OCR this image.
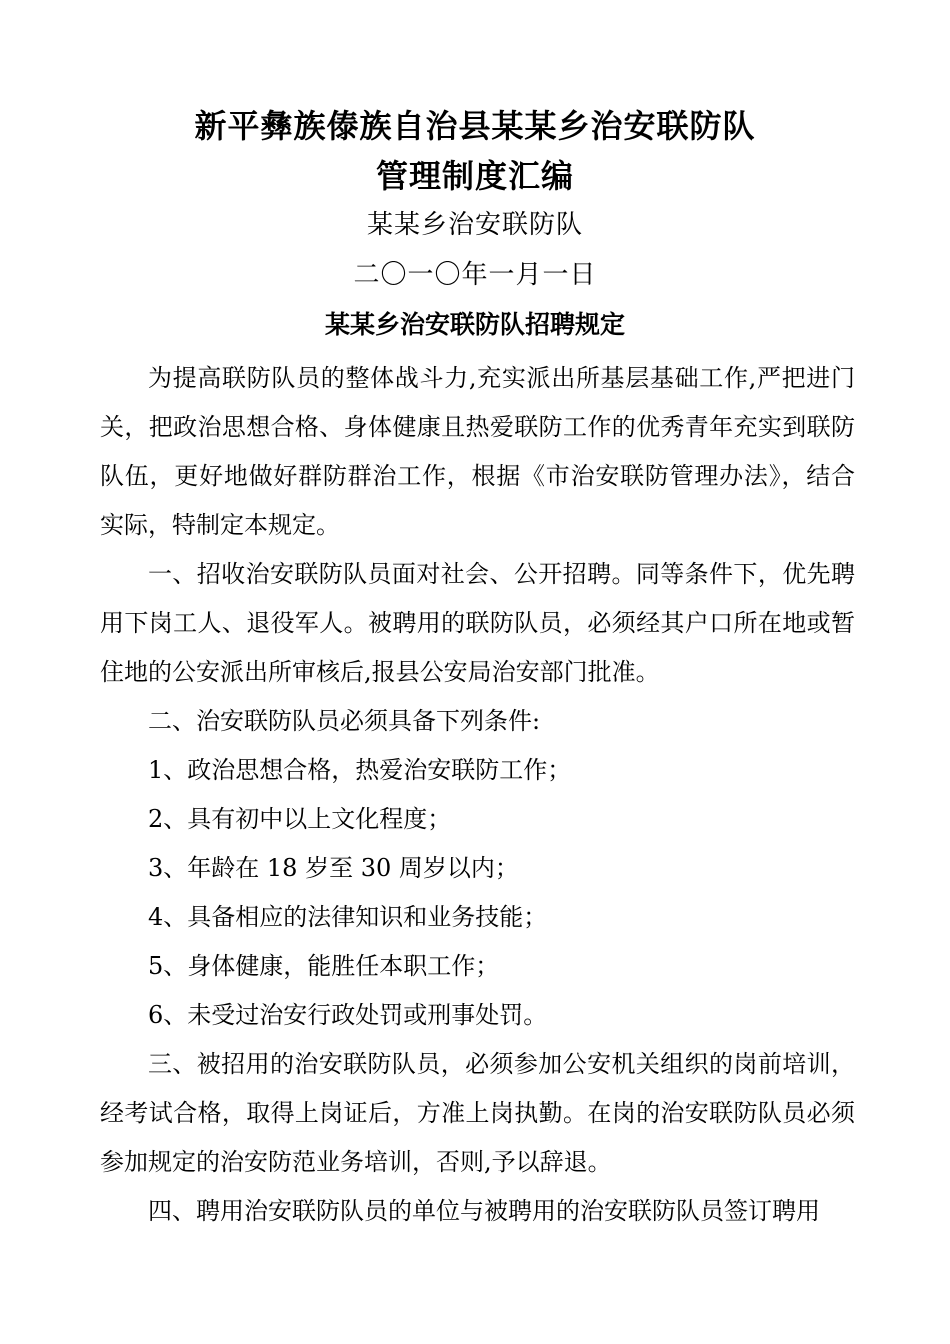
新平彝族傣族自治县某某乡治安联防队
管理制度汇编
某某乡治安联防队
二〇一〇年一月一日
某某乡治安联防队招聘规定

为提高联防队员的整体战斗力,充实派出所基层基础工作,严把进门关，把政治思想合格、身体健康且热爱联防工作的优秀青年充实到联防队伍，更好地做好群防群治工作，根据《市治安联防管理办法》，结合实际，特制定本规定。

一、招收治安联防队员面对社会、公开招聘。同等条件下，优先聘用下岗工人、退役军人。被聘用的联防队员，必须经其户口所在地或暂住地的公安派出所审核后,报县公安局治安部门批准。

二、治安联防队员必须具备下列条件:

1、政治思想合格，热爱治安联防工作；

2、具有初中以上文化程度；

3、年龄在 18 岁至 30 周岁以内；

4、具备相应的法律知识和业务技能；

5、身体健康，能胜任本职工作；

6、未受过治安行政处罚或刑事处罚。

三、被招用的治安联防队员，必须参加公安机关组织的岗前培训，经考试合格，取得上岗证后，方准上岗执勤。在岗的治安联防队员必须参加规定的治安防范业务培训，否则,予以辞退。

四、聘用治安联防队员的单位与被聘用的治安联防队员签订聘用
